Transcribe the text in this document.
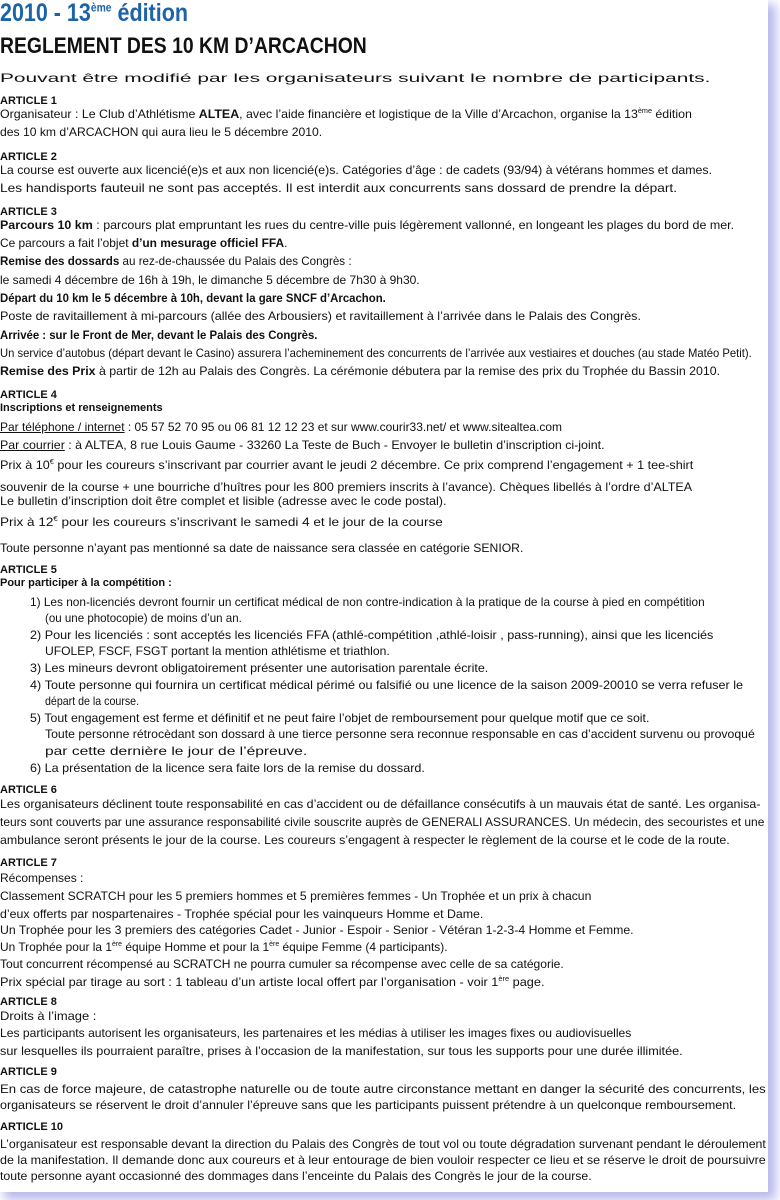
2010 - 13ème édition
REGLEMENT DES 10 KM D’ARCACHON
Pouvant être modifié par les organisateurs suivant le nombre de participants.
ARTICLE 1
Organisateur : Le Club d’Athlétisme ALTEA, avec l’aide financière et logistique de la Ville d’Arcachon, organise la 13ème édition
des 10 km d’ARCACHON qui aura lieu le 5 décembre 2010.
ARTICLE 2
La course est ouverte aux licencié(e)s et aux non licencié(e)s. Catégories d’âge : de cadets (93/94) à vétérans hommes et dames.
Les handisports fauteuil ne sont pas acceptés. Il est interdit aux concurrents sans dossard de prendre la départ.
ARTICLE 3
Parcours 10 km : parcours plat empruntant les rues du centre-ville puis légèrement vallonné, en longeant les plages du bord de mer.
Ce parcours a fait l’objet d’un mesurage officiel FFA.
Remise des dossards au rez-de-chaussée du Palais des Congrès :
le samedi 4 décembre de 16h à 19h, le dimanche 5 décembre de 7h30 à 9h30.
Départ du 10 km le 5 décembre à 10h, devant la gare SNCF d’Arcachon.
Poste de ravitaillement à mi-parcours (allée des Arbousiers) et ravitaillement à l’arrivée dans le Palais des Congrès.
Arrivée : sur le Front de Mer, devant le Palais des Congrès.
Un service d’autobus (départ devant le Casino) assurera l’acheminement des concurrents de l’arrivée aux vestiaires et douches (au stade Matéo Petit).
Remise des Prix à partir de 12h au Palais des Congrès. La cérémonie débutera par la remise des prix du Trophée du Bassin 2010.
ARTICLE 4
Inscriptions et renseignements
Par téléphone / internet : 05 57 52 70 95 ou 06 81 12 12 23 et sur www.courir33.net/ et www.sitealtea.com
Par courrier : à ALTEA, 8 rue Louis Gaume - 33260 La Teste de Buch - Envoyer le bulletin d’inscription ci-joint.
Prix à 10€ pour les coureurs s’inscrivant par courrier avant le jeudi 2 décembre. Ce prix comprend l’engagement + 1 tee-shirt
souvenir de la course + une bourriche d’huîtres pour les 800 premiers inscrits à l’avance). Chèques libellés à l’ordre d’ALTEA
Le bulletin d’inscription doit être complet et lisible (adresse avec le code postal).
Prix à 12€ pour les coureurs s’inscrivant le samedi 4 et le jour de la course
Toute personne n’ayant pas mentionné sa date de naissance sera classée en catégorie SENIOR.
ARTICLE 5
Pour participer à la compétition :
1) Les non-licenciés devront fournir un certificat médical de non contre-indication à la pratique de la course à pied en compétition
(ou une photocopie) de moins d’un an.
2) Pour les licenciés : sont acceptés les licenciés FFA (athlé-compétition ,athlé-loisir , pass-running), ainsi que les licenciés
UFOLEP, FSCF, FSGT portant la mention athlétisme et triathlon.
3) Les mineurs devront obligatoirement présenter une autorisation parentale écrite.
4) Toute personne qui fournira un certificat médical périmé ou falsifié ou une licence de la saison 2009-20010 se verra refuser le
départ de la course.
5) Tout engagement est ferme et définitif et ne peut faire l’objet de remboursement pour quelque motif que ce soit.
Toute personne rétrocèdant son dossard à une tierce personne sera reconnue responsable en cas d’accident survenu ou provoqué
par cette dernière le jour de l’épreuve.
6) La présentation de la licence sera faite lors de la remise du dossard.
ARTICLE 6
Les organisateurs déclinent toute responsabilité en cas d’accident ou de défaillance consécutifs à un mauvais état de santé. Les organisa-
teurs sont couverts par une assurance responsabilité civile souscrite auprès de GENERALI ASSURANCES. Un médecin, des secouristes et une
ambulance seront présents le jour de la course. Les coureurs s’engagent à respecter le règlement de la course et le code de la route.
ARTICLE 7
Récompenses :
Classement SCRATCH pour les 5 premiers hommes et 5 premières femmes - Un Trophée et un prix à chacun
d’eux offerts par nospartenaires - Trophée spécial pour les vainqueurs Homme et Dame.
Un Trophée pour les 3 premiers des catégories Cadet - Junior - Espoir - Senior - Vétéran 1-2-3-4 Homme et Femme.
Un Trophée pour la 1ère équipe Homme et pour la 1ère équipe Femme (4 participants).
Tout concurrent récompensé au SCRATCH ne pourra cumuler sa récompense avec celle de sa catégorie.
Prix spécial par tirage au sort : 1 tableau d’un artiste local offert par l’organisation - voir 1ère page.
ARTICLE 8
Droits à l’image :
Les participants autorisent les organisateurs, les partenaires et les médias à utiliser les images fixes ou audiovisuelles
sur lesquelles ils pourraient paraître, prises à l’occasion de la manifestation, sur tous les supports pour une durée illimitée.
ARTICLE 9
En cas de force majeure, de catastrophe naturelle ou de toute autre circonstance mettant en danger la sécurité des concurrents, les
organisateurs se réservent le droit d’annuler l’épreuve sans que les participants puissent prétendre à un quelconque remboursement.
ARTICLE 10
L’organisateur est responsable devant la direction du Palais des Congrès de tout vol ou toute dégradation survenant pendant le déroulement
de la manifestation. Il demande donc aux coureurs et à leur entourage de bien vouloir respecter ce lieu et se réserve le droit de poursuivre
toute personne ayant occasionné des dommages dans l’enceinte du Palais des Congrès le jour de la course.
